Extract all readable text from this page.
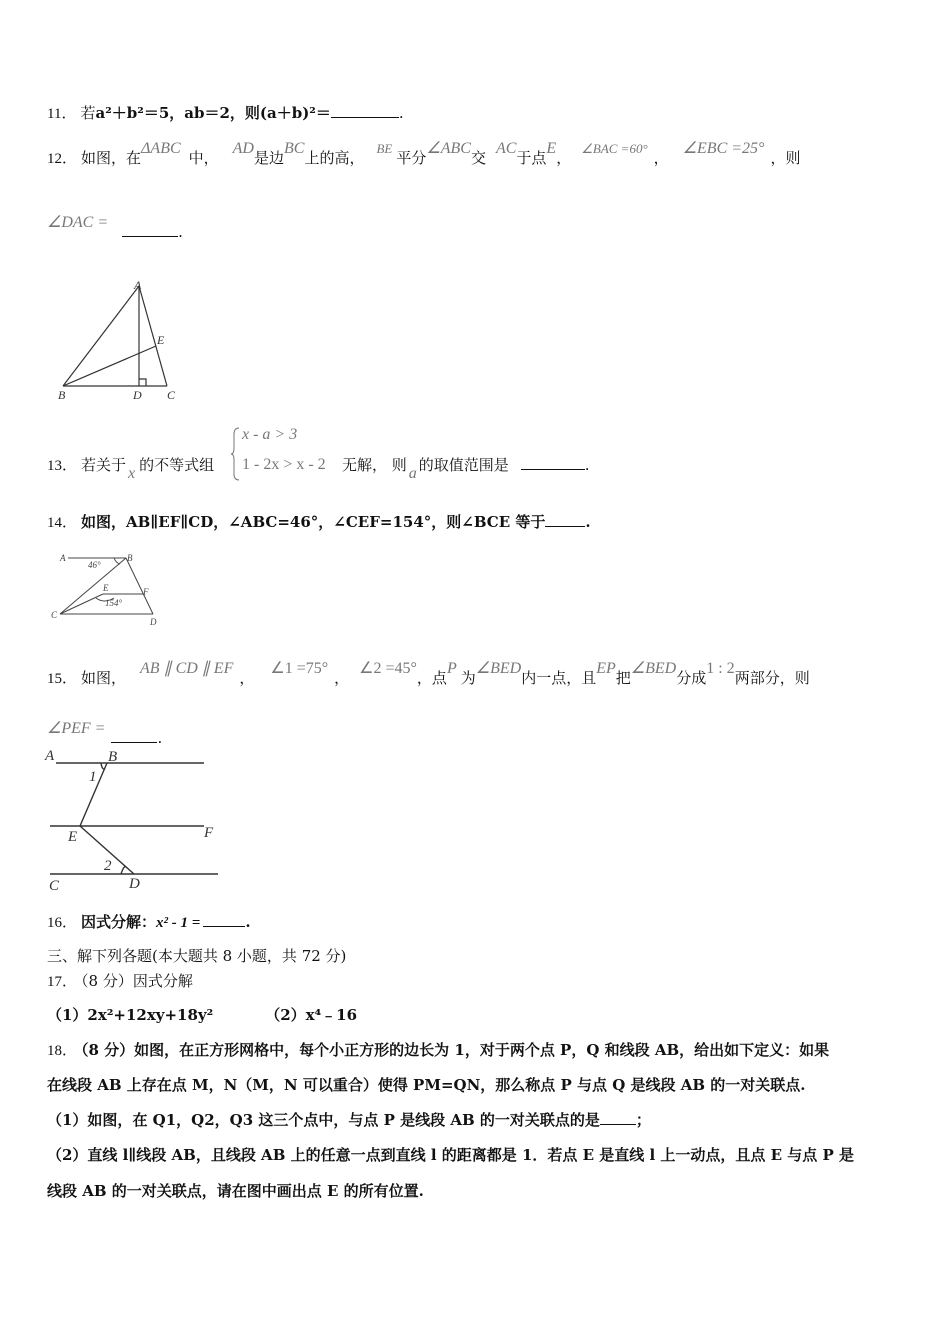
11． 若a²＋b²＝5，ab＝2，则(a＋b)²＝	.
12． 如图，在ΔABC中，AD是边BC上的高，BE平分∠ABC交AC于点E，∠BAC =60°，∠EBC =25°，则
∠DAC =.
A
E
B	D C
13． 若关于 x 的不等式组
x - a > 3
1 - 2x > x - 2 无解， 则 a 的取值范围是	.
14． 如图，AB∥EF∥CD，∠ABC=46°，∠CEF=154°，则∠BCE 等于	.
A	B
46°
E	F
154°
C
D
15． 如图，AB ∥ CD ∥ EF，∠1 =75°，∠2 =45°，点P为∠BED内一点，且EP把∠BED分成1 : 2两部分，则
∠PEF =.
A	B
1
E	F
2
C	D
16． 因式分解：x² - 1 =	.
三、解下列各题(本大题共 8 小题，共 72 分)
17． （8 分）因式分解
（1）2x²+12xy+18y²	（2）x⁴﹣16
18． （8 分）如图，在正方形网格中，每个小正方形的边长为 1，对于两个点 P，Q 和线段 AB，给出如下定义：如果
在线段 AB 上存在点 M，N（M，N 可以重合）使得 PM=QN，那么称点 P 与点 Q 是线段 AB 的一对关联点.
（1）如图，在 Q1，Q2，Q3 这三个点中，与点 P 是线段 AB 的一对关联点的是 ；
（2）直线 l∥线段 AB，且线段 AB 上的任意一点到直线 l 的距离都是 1．若点 E 是直线 l 上一动点，且点 E 与点 P 是
线段 AB 的一对关联点，请在图中画出点 E 的所有位置.
